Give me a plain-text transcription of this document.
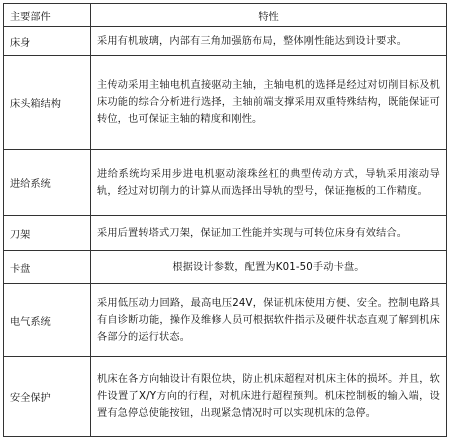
主要部件	特性
床身	采用有机玻璃，内部有三角加强筋布局，整体刚性能达到设计要求。
床头箱结构	主传动采用主轴电机直接驱动主轴，主轴电机的选择是经过对切削目标及机床功能的综合分析进行选择，主轴前端支撑采用双重特殊结构，既能保证可转位，也可保证主轴的精度和刚性。
进给系统	进给系统均采用步进电机驱动滚珠丝杠的典型传动方式，导轨采用滚动导轨，经过对切削力的计算从而选择出导轨的型号，保证拖板的工作精度。
刀架	采用后置转塔式刀架，保证加工性能并实现与可转位床身有效结合。
卡盘	根据设计参数，配置为K01-50手动卡盘。
电气系统	采用低压动力回路，最高电压24V，保证机床使用方便、安全。控制电路具有自诊断功能，操作及维修人员可根据软件指示及硬件状态直观了解到机床各部分的运行状态。
安全保护	机床在各方向轴设计有限位块，防止机床超程对机床主体的损坏。并且，软件设置了X/Y方向的行程，对机床进行超程预判。机床控制板的输入端，设置有急停总使能按钮，出现紧急情况时可以实现机床的急停。
